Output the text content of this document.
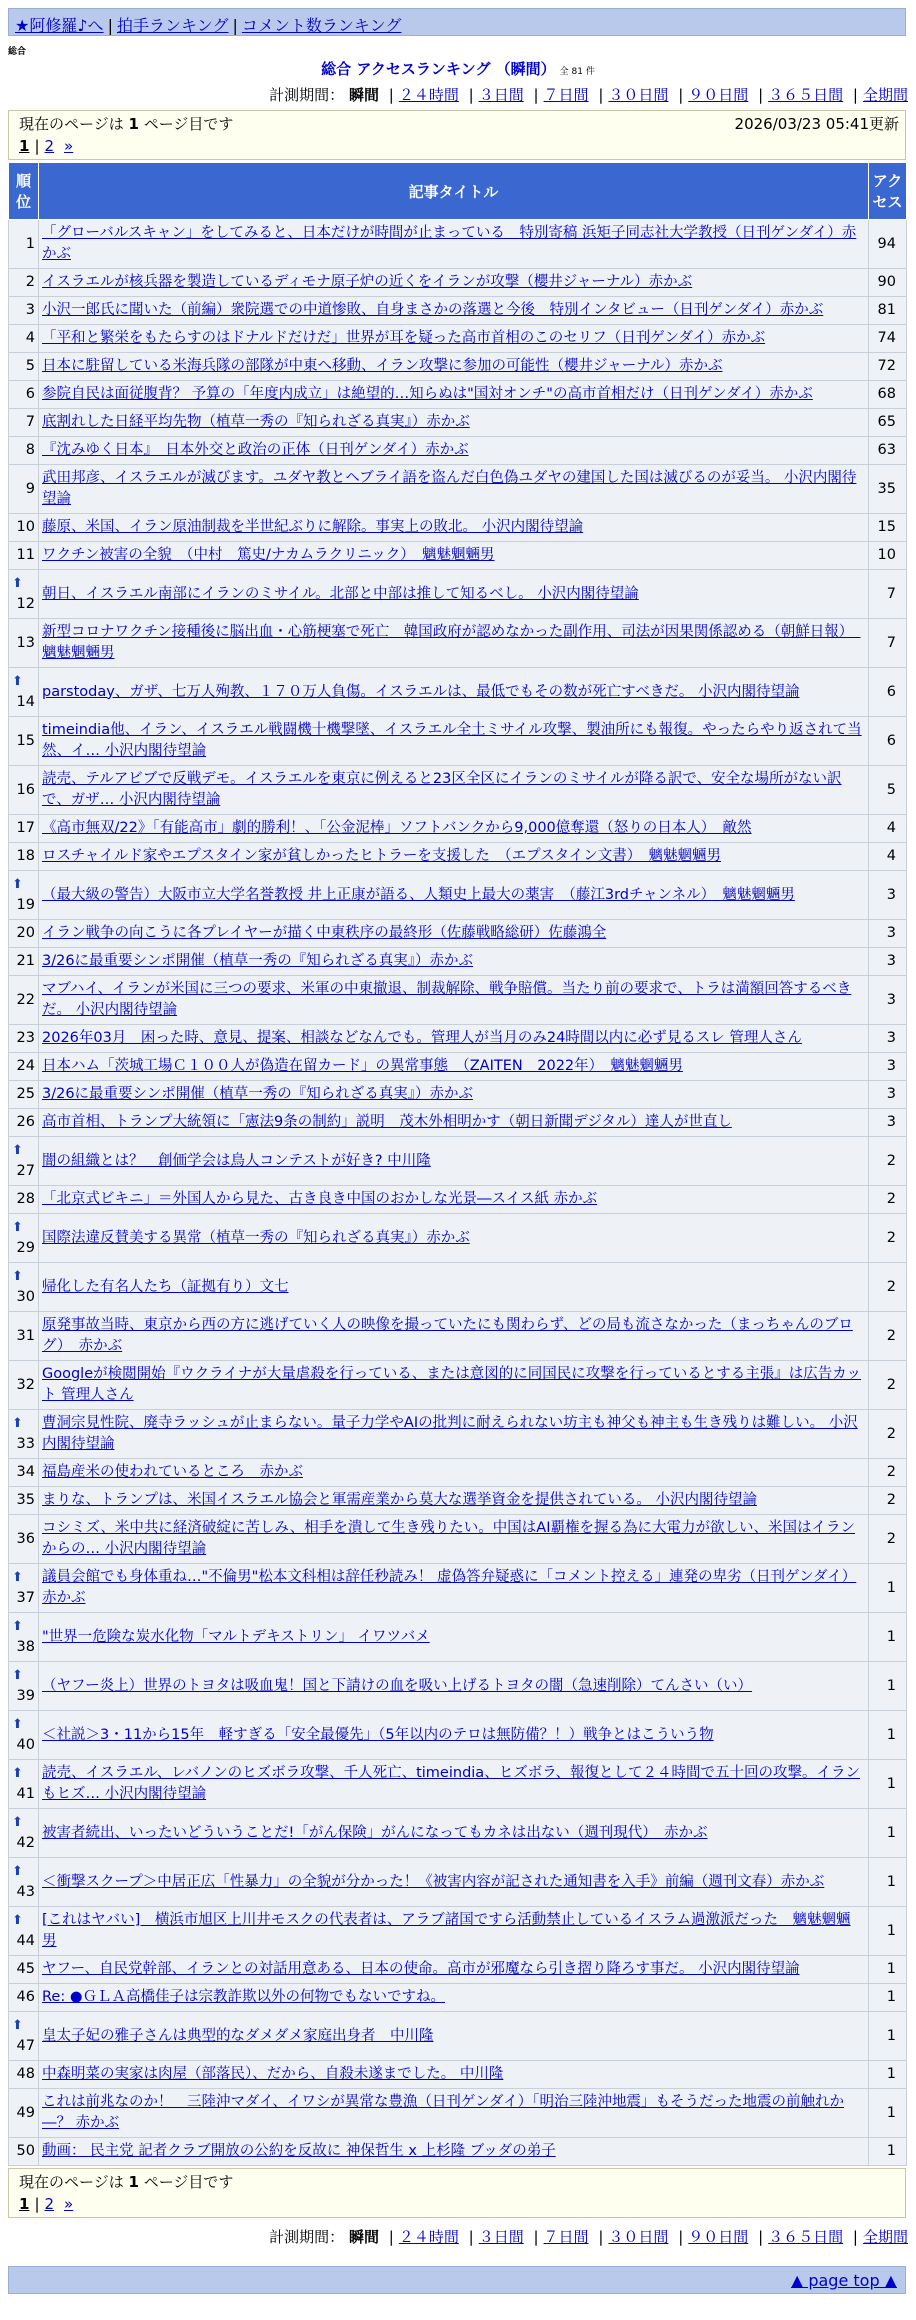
★阿修羅♪へ | 拍手ランキング | コメント数ランキング
総合
総合 アクセスランキング （瞬間） 全 81 件
計測期間： 瞬間 | ２４時間 | ３日間 | ７日間 | ３０日間 | ９０日間 | ３６５日間 | 全期間
現在のページは 1 ページ目です	2026/03/23 05:41更新
1 | 2 »
順位	記事タイトル	アクセス
1	「グローバルスキャン」をしてみると、日本だけが時間が止まっている　特別寄稿 浜矩子同志社大学教授（日刊ゲンダイ）赤かぶ	94
2	イスラエルが核兵器を製造しているディモナ原子炉の近くをイランが攻撃（櫻井ジャーナル）赤かぶ	90
3	小沢一郎氏に聞いた（前編）衆院選での中道惨敗、自身まさかの落選と今後　特別インタビュー（日刊ゲンダイ）赤かぶ	81
4	「平和と繁栄をもたらすのはドナルドだけだ」世界が耳を疑った高市首相のこのセリフ（日刊ゲンダイ）赤かぶ	74
5	日本に駐留している米海兵隊の部隊が中東へ移動、イラン攻撃に参加の可能性（櫻井ジャーナル）赤かぶ	72
6	参院自民は面従腹背？ 予算の「年度内成立」は絶望的…知らぬは"国対オンチ"の高市首相だけ（日刊ゲンダイ）赤かぶ	68
7	底割れした日経平均先物（植草一秀の『知られざる真実』）赤かぶ	65
8	『沈みゆく日本』　日本外交と政治の正体（日刊ゲンダイ）赤かぶ	63
9	武田邦彦、イスラエルが滅びます。ユダヤ教とヘブライ語を盗んだ白色偽ユダヤの建国した国は滅びるのが妥当。 小沢内閣待望論	35
10	藤原、米国、イラン原油制裁を半世紀ぶりに解除。事実上の敗北。 小沢内閣待望論	15
11	ワクチン被害の全貌　（中村　篤史/ナカムラクリニック）　魑魅魍魎男	10

⬆
12	朝日、イスラエル南部にイランのミサイル。北部と中部は推して知るべし。 小沢内閣待望論	7
13	新型コロナワクチン接種後に脳出血・心筋梗塞で死亡　韓国政府が認めなかった副作用、司法が因果関係認める（朝鮮日報）　魑魅魍魎男	7

⬆
14	parstoday、ガザ、七万人殉教、１７０万人負傷。イスラエルは、最低でもその数が死亡すべきだ。 小沢内閣待望論	6
15	timeindia他、イラン、イスラエル戦闘機十機撃墜、イスラエル全土ミサイル攻撃、製油所にも報復。やったらやり返されて当然、イ… 小沢内閣待望論	6
16	読売、テルアビブで反戦デモ。イスラエルを東京に例えると23区全区にイランのミサイルが降る訳で、安全な場所がない訳で、ガザ… 小沢内閣待望論	5
17	《高市無双/22》「有能高市」劇的勝利！、「公金泥棒」ソフトバンクから9,000億奪還（怒りの日本人）　敵然	4
18	ロスチャイルド家やエプスタイン家が貧しかったヒトラーを支援した　（エプスタイン文書）　魑魅魍魎男	4

⬆
19	（最大級の警告）大阪市立大学名誉教授 井上正康が語る、人類史上最大の薬害　（藤江3rdチャンネル）　魑魅魍魎男	3
20	イラン戦争の向こうに各プレイヤーが描く中東秩序の最終形（佐藤戦略総研）佐藤鴻全	3
21	3/26に最重要シンポ開催（植草一秀の『知られざる真実』）赤かぶ	3
22	マブハイ、イランが米国に三つの要求、米軍の中東撤退、制裁解除、戦争賠償。当たり前の要求で、トラは満額回答するべきだ。 小沢内閣待望論	3
23	2026年03月　困った時、意見、提案、相談などなんでも。管理人が当月のみ24時間以内に必ず見るスレ 管理人さん	3
24	日本ハム「茨城工場Ｃ１００人が偽造在留カード」の異常事態　（ZAITEN　2022年）　魑魅魍魎男	3
25	3/26に最重要シンポ開催（植草一秀の『知られざる真実』）赤かぶ	3
26	高市首相、トランプ大統領に「憲法9条の制約」説明　茂木外相明かす（朝日新聞デジタル）達人が世直し	3

⬆
27	闇の組織とは？＿創価学会は鳥人コンテストが好き? 中川隆	2
28	「北京式ビキニ」＝外国人から見た、古き良き中国のおかしな光景―スイス紙 赤かぶ	2

⬆
29	国際法違反賛美する異常（植草一秀の『知られざる真実』）赤かぶ	2

⬆
30	帰化した有名人たち（証拠有り）文七	2
31	原発事故当時、東京から西の方に逃げていく人の映像を撮っていたにも関わらず、どの局も流さなかった（まっちゃんのブログ）　赤かぶ	2
32	Googleが検閲開始『ウクライナが大量虐殺を行っている、または意図的に同国民に攻撃を行っているとする主張』は広告カット 管理人さん	2

⬆
33	曹洞宗見性院、廃寺ラッシュが止まらない。量子力学やAIの批判に耐えられない坊主も神父も神主も生き残りは難しい。 小沢内閣待望論	2
34	福島産米の使われているところ　赤かぶ	2
35	まりな、トランプは、米国イスラエル協会と軍需産業から莫大な選挙資金を提供されている。 小沢内閣待望論	2
36	コシミズ、米中共に経済破綻に苦しみ、相手を潰して生き残りたい。中国はAI覇権を握る為に大電力が欲しい、米国はイランからの… 小沢内閣待望論	2

⬆
37	議員会館でも身体重ね…"不倫男"松本文科相は辞任秒読み！ 虚偽答弁疑惑に「コメント控える」連発の卑劣（日刊ゲンダイ）赤かぶ	1

⬆
38	"世界一危険な炭水化物「マルトデキストリン」 イワツバメ	1

⬆
39	（ヤフー炎上）世界のトヨタは吸血鬼！国と下請けの血を吸い上げるトヨタの闇（急速削除）てんさい（い）	1

⬆
40	＜社説＞3・11から15年　軽すぎる「安全最優先」（5年以内のテロは無防備？！）戦争とはこういう物	1

⬆
41	読売、イスラエル、レバノンのヒズボラ攻撃、千人死亡、timeindia、ヒズボラ、報復として２４時間で五十回の攻撃。イランもヒズ… 小沢内閣待望論	1

⬆
42	被害者続出、いったいどういうことだ!「がん保険」がんになってもカネは出ない（週刊現代）　赤かぶ	1

⬆
43	＜衝撃スクープ＞中居正広「性暴力」の全貌が分かった！《被害内容が記された通知書を入手》前編（週刊文春）赤かぶ	1

⬆
44	[これはヤバい]　横浜市旭区上川井モスクの代表者は、アラブ諸国ですら活動禁止しているイスラム過激派だった　魑魅魍魎男	1
45	ヤフー、自民党幹部、イランとの対話用意ある、日本の使命。高市が邪魔なら引き摺り降ろす事だ。 小沢内閣待望論	1
46	Re: ●ＧＬＡ高橋佳子は宗教詐欺以外の何物でもないですね。	1

⬆
47	皇太子妃の雅子さんは典型的なダメダメ家庭出身者　中川隆	1
48	中森明菜の実家は肉屋（部落民）、だから、自殺未遂までした。 中川隆	1
49	これは前兆なのか！　三陸沖マダイ、イワシが異常な豊漁（日刊ゲンダイ）「明治三陸沖地震」もそうだった地震の前触れか―？ 赤かぶ	1
50	動画： 民主党 記者クラブ開放の公約を反故に 神保哲生 x 上杉隆 ブッダの弟子	1
現在のページは 1 ページ目です
1 | 2 »
計測期間： 瞬間 | ２４時間 | ３日間 | ７日間 | ３０日間 | ９０日間 | ３６５日間 | 全期間
▲ page top ▲
